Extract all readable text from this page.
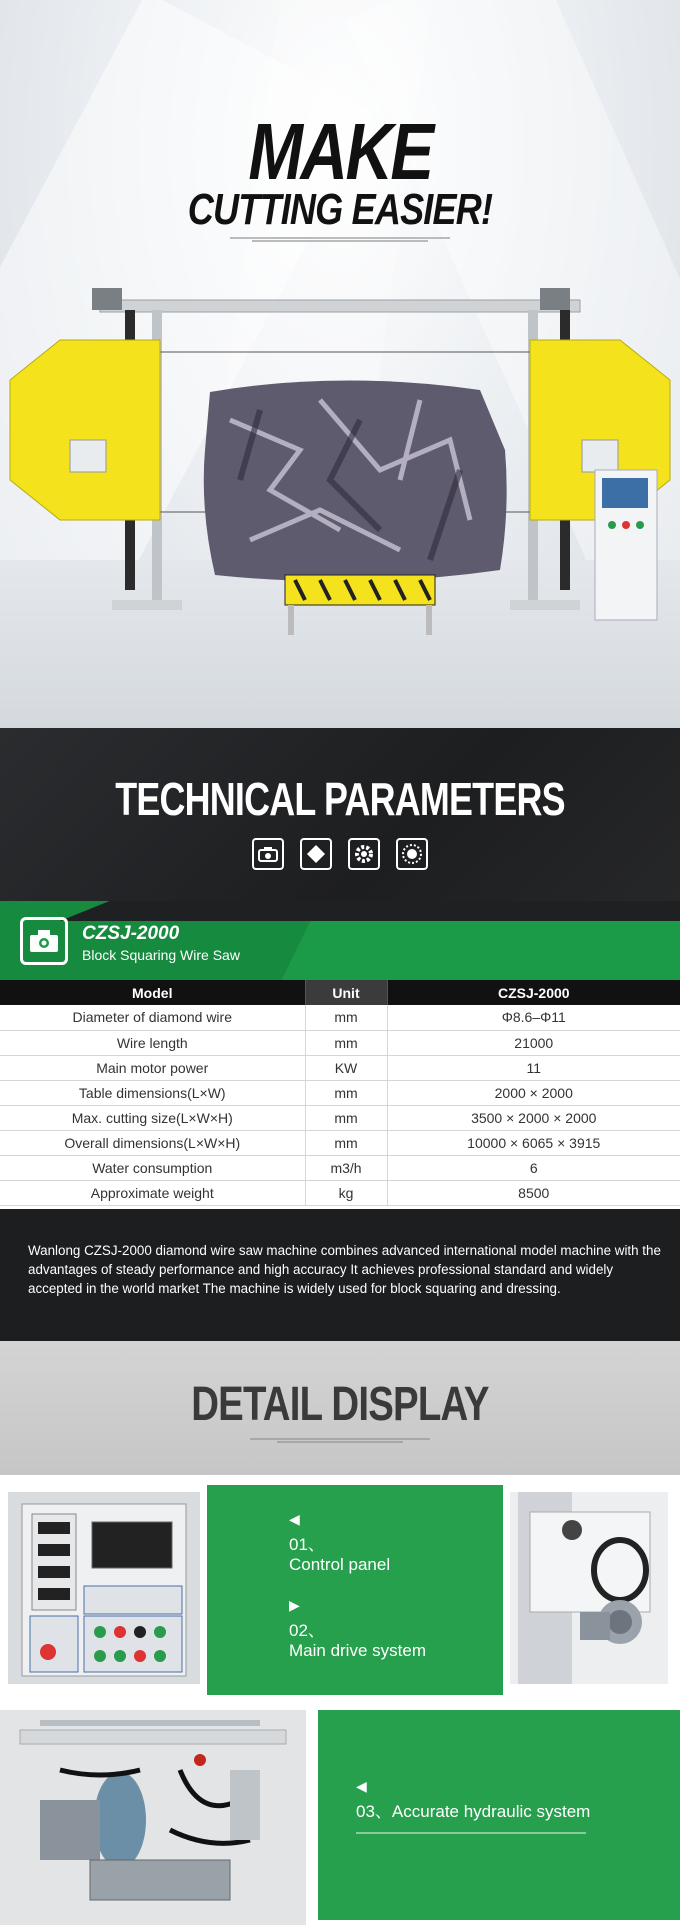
MAKE
CUTTING EASIER!
TECHNICAL PARAMETERS
CZSJ-2000
Block Squaring Wire Saw
Model	Unit	CZSJ-2000
Diameter of diamond wire	mm	Φ8.6–Φ11
Wire length	mm	21000
Main motor power	KW	11
Table dimensions(L×W)	mm	2000 × 2000
Max. cutting size(L×W×H)	mm	3500 × 2000 × 2000
Overall dimensions(L×W×H)	mm	10000 × 6065 × 3915
Water consumption	m3/h	6
Approximate weight	kg	8500

Wanlong CZSJ-2000 diamond wire saw machine combines advanced international model machine with the advantages of steady performance and high accuracy It achieves professional standard and widely accepted in the world market The machine is widely used for block squaring and dressing.

DETAIL DISPLAY
◀
01、
Control panel
▶
02、
Main drive system
◀
03、Accurate hydraulic system
